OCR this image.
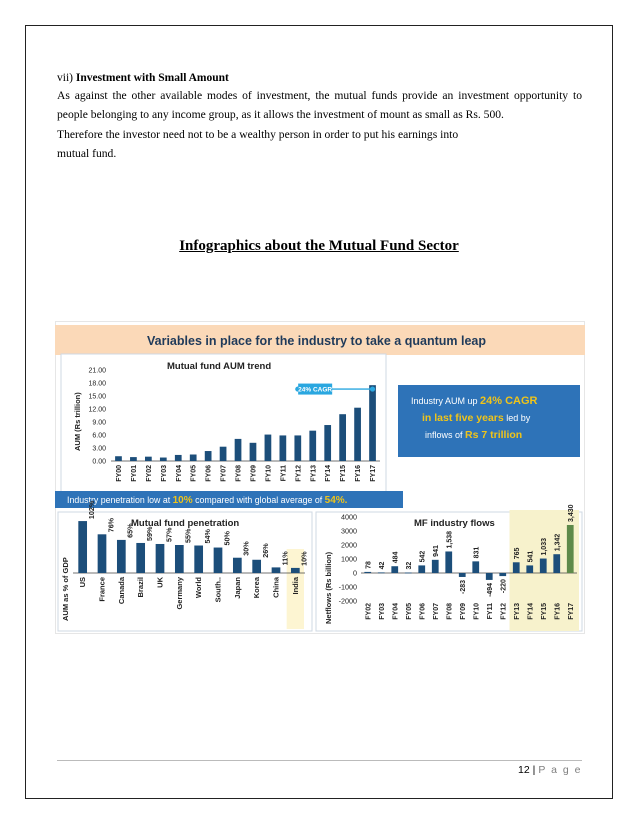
vii) Investment with Small Amount

As against the other available modes of investment, the mutual funds provide an investment opportunity to people belonging to any income group, as it allows the investment of mount as small as Rs. 500.

Therefore the investor need not to be a wealthy person in order to put his earnings into

mutual fund.

Infographics about the Mutual Fund Sector
Variables in place for the industry to take a quantum leap
Mutual fund AUM trend
AUM (Rs trillion)
21.00
18.00
15.00
12.00
9.00
6.00
3.00
0.00
FY00 FY01 FY02 FY03 FY04 FY05 FY06 FY07 FY08 FY09 FY10 FY11 FY12 FY13 FY14 FY15 FY16 FY17
24% CAGR
Industry AUM up 24% CAGR
in last five years led by
inflows of Rs 7 trillion
Industry penetration low at 10% compared with global average of 54%.
Mutual fund penetration
AUM as % of GDP
102%
US
76%
France
65%
Canada
59%
Brazil
57%
UK
55%
Germany
54%
World
50%
South..
30%
Japan
26%
Korea
11%
China
10%
India
MF industry flows
Netflows (Rs billion)
4000
3000
2000
1000
0
-1000
-2000
78
FY02
42
FY03
484
FY04
32
FY05
542
FY06
941
FY07
1,538
FY08
-283
FY09
831
FY10
-494
FY11
-220
FY12
765
FY13
541
FY14
1,033
FY15
1,342
FY16
3,430
FY17
12 | P a g e
